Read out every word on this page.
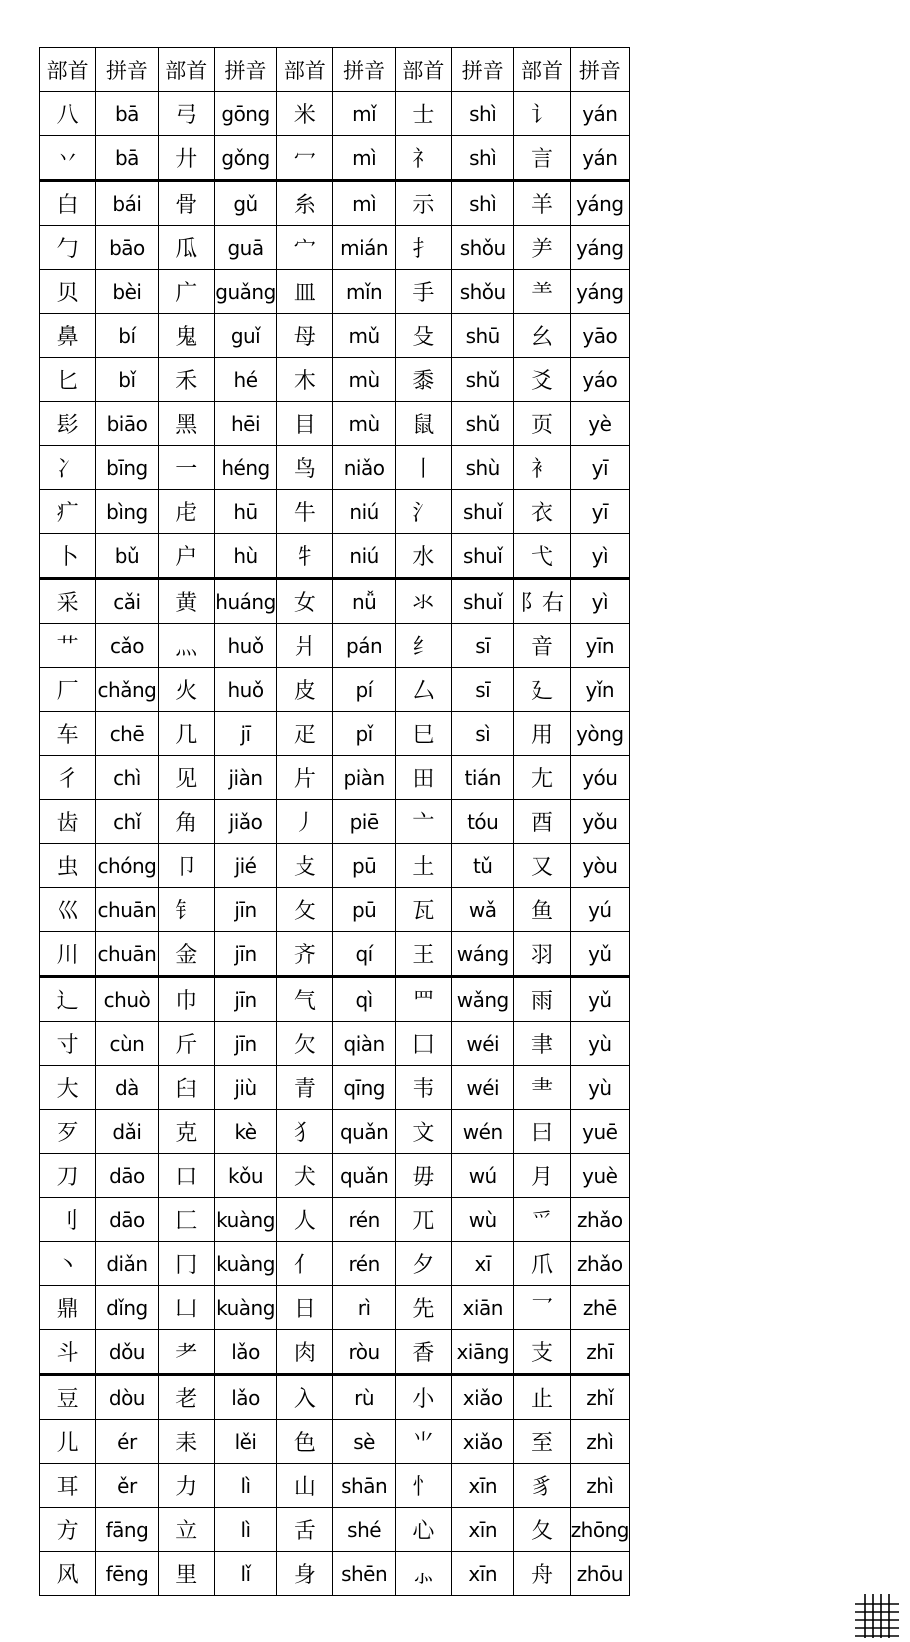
部首	拼音	部首	拼音	部首	拼音	部首	拼音	部首	拼音
八	bā	弓	gōng	米	mǐ	士	shì	讠	yán
丷	bā	廾	gǒng	冖	mì	礻	shì	言	yán
白	bái	骨	gǔ	糸	mì	示	shì	羊	yáng
勹	bāo	瓜	guā	宀	mián	扌	shǒu	⺶	yáng
贝	bèi	广	guǎng	皿	mǐn	手	shǒu	⺷	yáng
鼻	bí	鬼	guǐ	母	mǔ	殳	shū	幺	yāo
匕	bǐ	禾	hé	木	mù	黍	shǔ	爻	yáo
髟	biāo	黑	hēi	目	mù	鼠	shǔ	页	yè
冫	bīng	一	héng	鸟	niǎo	丨	shù	衤	yī
疒	bìng	虍	hū	牛	niú	氵	shuǐ	衣	yī
卜	bǔ	户	hù	牜	niú	水	shuǐ	弋	yì
采	cǎi	黄	huáng	女	nǚ	氺	shuǐ	阝右	yì
艹	cǎo	灬	huǒ	爿	pán	纟	sī	音	yīn
厂	chǎng	火	huǒ	皮	pí	厶	sī	廴	yǐn
车	chē	几	jī	疋	pǐ	巳	sì	用	yòng
彳	chì	见	jiàn	片	piàn	田	tián	尢	yóu
齿	chǐ	角	jiǎo	丿	piē	亠	tóu	酉	yǒu
虫	chóng	卩	jié	攴	pū	土	tǔ	又	yòu
巛	chuān	钅	jīn	攵	pū	瓦	wǎ	鱼	yú
川	chuān	金	jīn	齐	qí	王	wáng	羽	yǔ
辶	chuò	巾	jīn	气	qì	罒	wǎng	雨	yǔ
寸	cùn	斤	jīn	欠	qiàn	囗	wéi	聿	yù
大	dà	臼	jiù	青	qīng	韦	wéi	⺻	yù
歹	dǎi	克	kè	犭	quǎn	文	wén	曰	yuē
刀	dāo	口	kǒu	犬	quǎn	毋	wú	月	yuè
刂	dāo	匚	kuàng	人	rén	兀	wù	爫	zhǎo
丶	diǎn	冂	kuàng	亻	rén	夕	xī	爪	zhǎo
鼎	dǐng	凵	kuàng	日	rì	先	xiān	乛	zhē
斗	dǒu	耂	lǎo	肉	ròu	香	xiāng	支	zhī
豆	dòu	老	lǎo	入	rù	小	xiǎo	止	zhǐ
儿	ér	耒	lěi	色	sè	⺌	xiǎo	至	zhì
耳	ěr	力	lì	山	shān	忄	xīn	豸	zhì
方	fāng	立	lì	舌	shé	心	xīn	夂	zhōng
风	fēng	里	lǐ	身	shēn	⺗	xīn	舟	zhōu
